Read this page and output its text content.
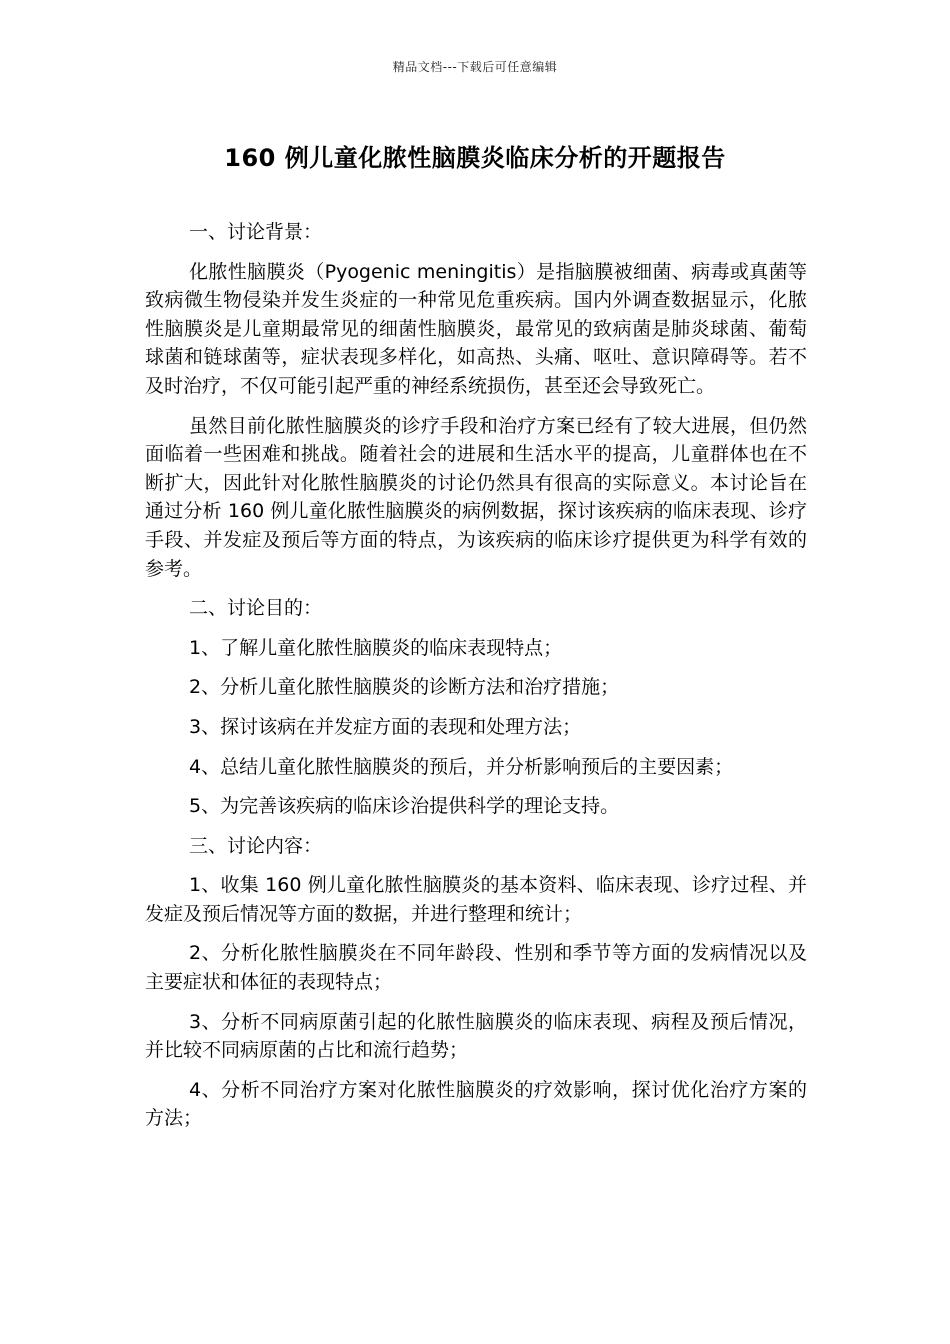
精品文档---下载后可任意编辑
160 例儿童化脓性脑膜炎临床分析的开题报告

一、讨论背景：

化脓性脑膜炎（Pyogenic meningitis）是指脑膜被细菌、病毒或真菌等致病微生物侵染并发生炎症的一种常见危重疾病。国内外调查数据显示，化脓性脑膜炎是儿童期最常见的细菌性脑膜炎，最常见的致病菌是肺炎球菌、葡萄球菌和链球菌等，症状表现多样化，如高热、头痛、呕吐、意识障碍等。若不及时治疗，不仅可能引起严重的神经系统损伤，甚至还会导致死亡。

虽然目前化脓性脑膜炎的诊疗手段和治疗方案已经有了较大进展，但仍然面临着一些困难和挑战。随着社会的进展和生活水平的提高，儿童群体也在不断扩大，因此针对化脓性脑膜炎的讨论仍然具有很高的实际意义。本讨论旨在通过分析 160 例儿童化脓性脑膜炎的病例数据，探讨该疾病的临床表现、诊疗手段、并发症及预后等方面的特点，为该疾病的临床诊疗提供更为科学有效的参考。

二、讨论目的：

1、了解儿童化脓性脑膜炎的临床表现特点；

2、分析儿童化脓性脑膜炎的诊断方法和治疗措施；

3、探讨该病在并发症方面的表现和处理方法；

4、总结儿童化脓性脑膜炎的预后，并分析影响预后的主要因素；

5、为完善该疾病的临床诊治提供科学的理论支持。

三、讨论内容：

1、收集 160 例儿童化脓性脑膜炎的基本资料、临床表现、诊疗过程、并发症及预后情况等方面的数据，并进行整理和统计；

2、分析化脓性脑膜炎在不同年龄段、性别和季节等方面的发病情况以及主要症状和体征的表现特点；

3、分析不同病原菌引起的化脓性脑膜炎的临床表现、病程及预后情况，并比较不同病原菌的占比和流行趋势；

4、分析不同治疗方案对化脓性脑膜炎的疗效影响，探讨优化治疗方案的方法；
